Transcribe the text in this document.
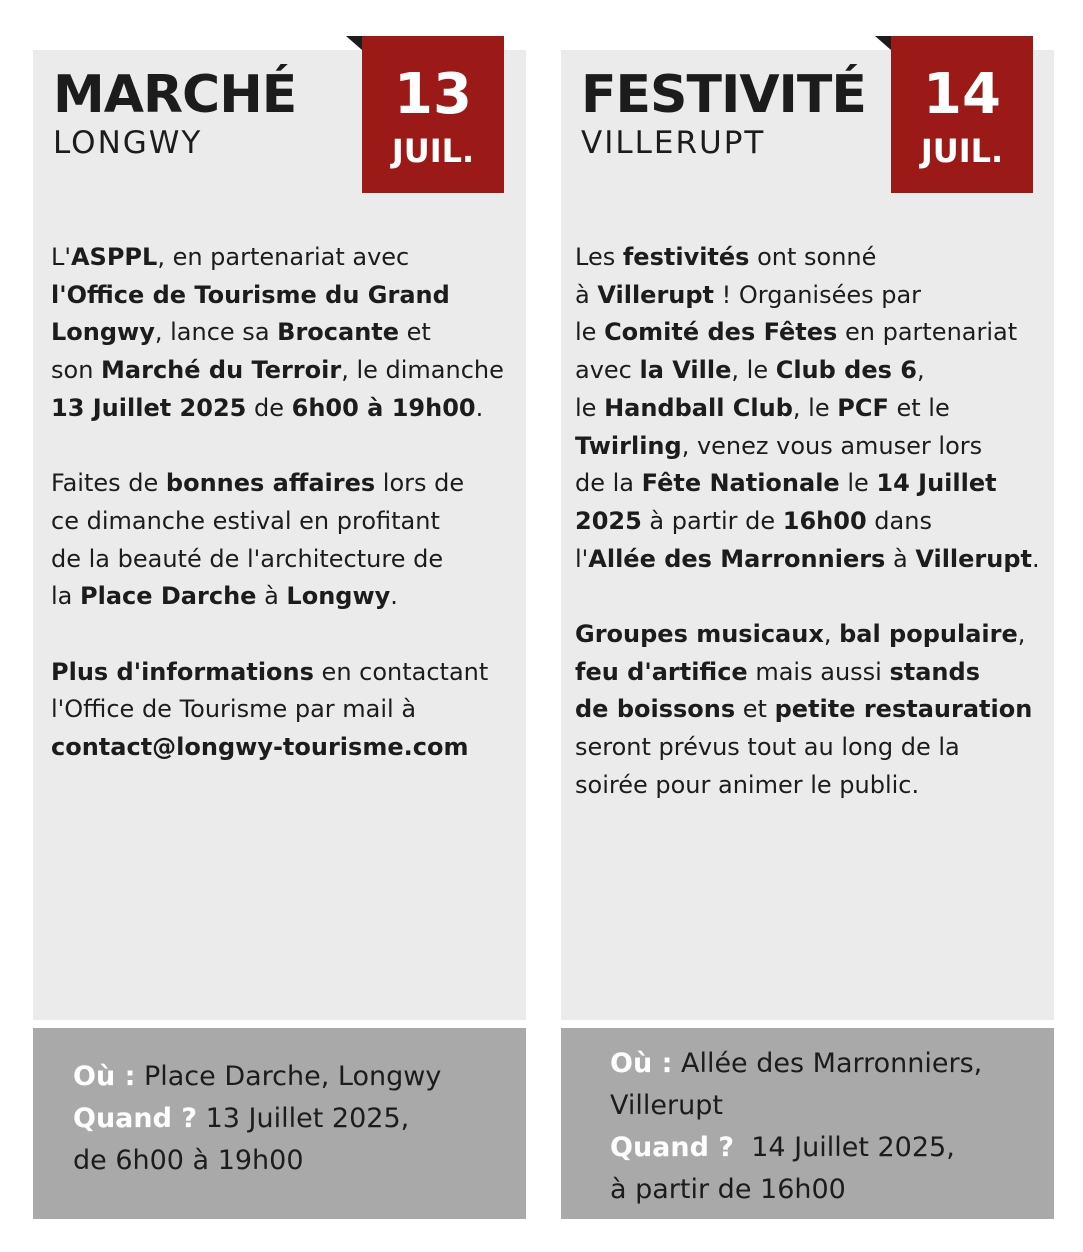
MARCHÉ
LONGWY
13
JUIL.

L'ASPPL, en partenariat avec
l'Office de Tourisme du Grand
Longwy, lance sa Brocante et
son Marché du Terroir, le dimanche
13 Juillet 2025 de 6h00 à 19h00.

Faites de bonnes affaires lors de
ce dimanche estival en profitant
de la beauté de l'architecture de
la Place Darche à Longwy.

Plus d'informations en contactant
l'Office de Tourisme par mail à
contact@longwy-tourisme.com

Où : Place Darche, Longwy
Quand ? 13 Juillet 2025,
de 6h00 à 19h00
FESTIVITÉ
VILLERUPT
14
JUIL.

Les festivités ont sonné
à Villerupt ! Organisées par
le Comité des Fêtes en partenariat
avec la Ville, le Club des 6,
le Handball Club, le PCF et le
Twirling, venez vous amuser lors
de la Fête Nationale le 14 Juillet
2025 à partir de 16h00 dans
l'Allée des Marronniers à Villerupt.

Groupes musicaux, bal populaire,
feu d'artifice mais aussi stands
de boissons et petite restauration
seront prévus tout au long de la
soirée pour animer le public.

Où : Allée des Marronniers,
Villerupt
Quand ? 14 Juillet 2025,
à partir de 16h00
